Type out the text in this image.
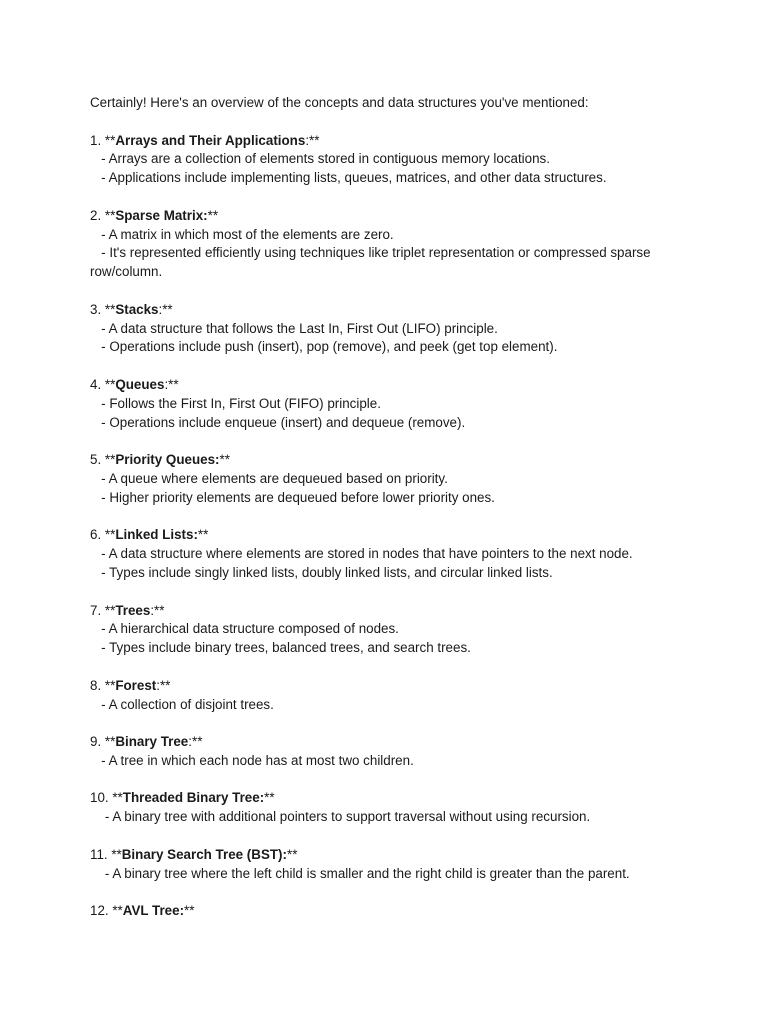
Certainly! Here's an overview of the concepts and data structures you've mentioned:
1. **Arrays and Their Applications:**
- Arrays are a collection of elements stored in contiguous memory locations.
- Applications include implementing lists, queues, matrices, and other data structures.
2. **Sparse Matrix:**
- A matrix in which most of the elements are zero.
- It's represented efficiently using techniques like triplet representation or compressed sparse row/column.
3. **Stacks:**
- A data structure that follows the Last In, First Out (LIFO) principle.
- Operations include push (insert), pop (remove), and peek (get top element).
4. **Queues:**
- Follows the First In, First Out (FIFO) principle.
- Operations include enqueue (insert) and dequeue (remove).
5. **Priority Queues:**
- A queue where elements are dequeued based on priority.
- Higher priority elements are dequeued before lower priority ones.
6. **Linked Lists:**
- A data structure where elements are stored in nodes that have pointers to the next node.
- Types include singly linked lists, doubly linked lists, and circular linked lists.
7. **Trees:**
- A hierarchical data structure composed of nodes.
- Types include binary trees, balanced trees, and search trees.
8. **Forest:**
- A collection of disjoint trees.
9. **Binary Tree:**
- A tree in which each node has at most two children.
10. **Threaded Binary Tree:**
- A binary tree with additional pointers to support traversal without using recursion.
11. **Binary Search Tree (BST):**
- A binary tree where the left child is smaller and the right child is greater than the parent.
12. **AVL Tree:**
